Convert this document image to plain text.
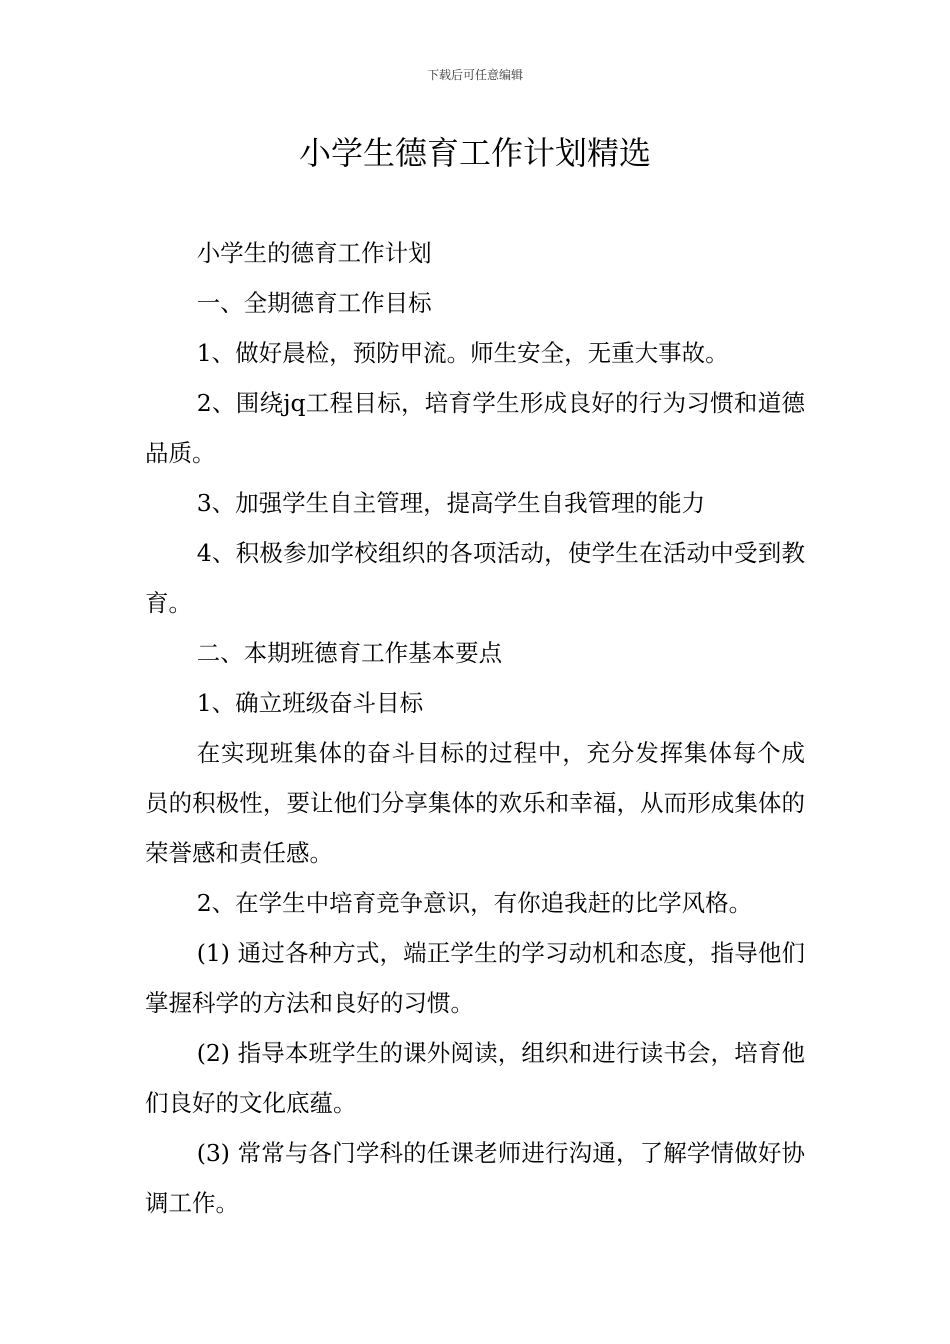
下载后可任意编辑
小学生德育工作计划精选

小学生的德育工作计划

一、全期德育工作目标

1、做好晨检，预防甲流。师生安全，无重大事故。

2、围绕jq工程目标，培育学生形成良好的行为习惯和道德品质。

3、加强学生自主管理，提高学生自我管理的能力

4、积极参加学校组织的各项活动，使学生在活动中受到教育。

二、本期班德育工作基本要点

1、确立班级奋斗目标

在实现班集体的奋斗目标的过程中，充分发挥集体每个成员的积极性，要让他们分享集体的欢乐和幸福，从而形成集体的荣誉感和责任感。

2、在学生中培育竞争意识，有你追我赶的比学风格。

(1) 通过各种方式，端正学生的学习动机和态度，指导他们掌握科学的方法和良好的习惯。

(2) 指导本班学生的课外阅读，组织和进行读书会，培育他们良好的文化底蕴。

(3) 常常与各门学科的任课老师进行沟通，了解学情做好协调工作。
